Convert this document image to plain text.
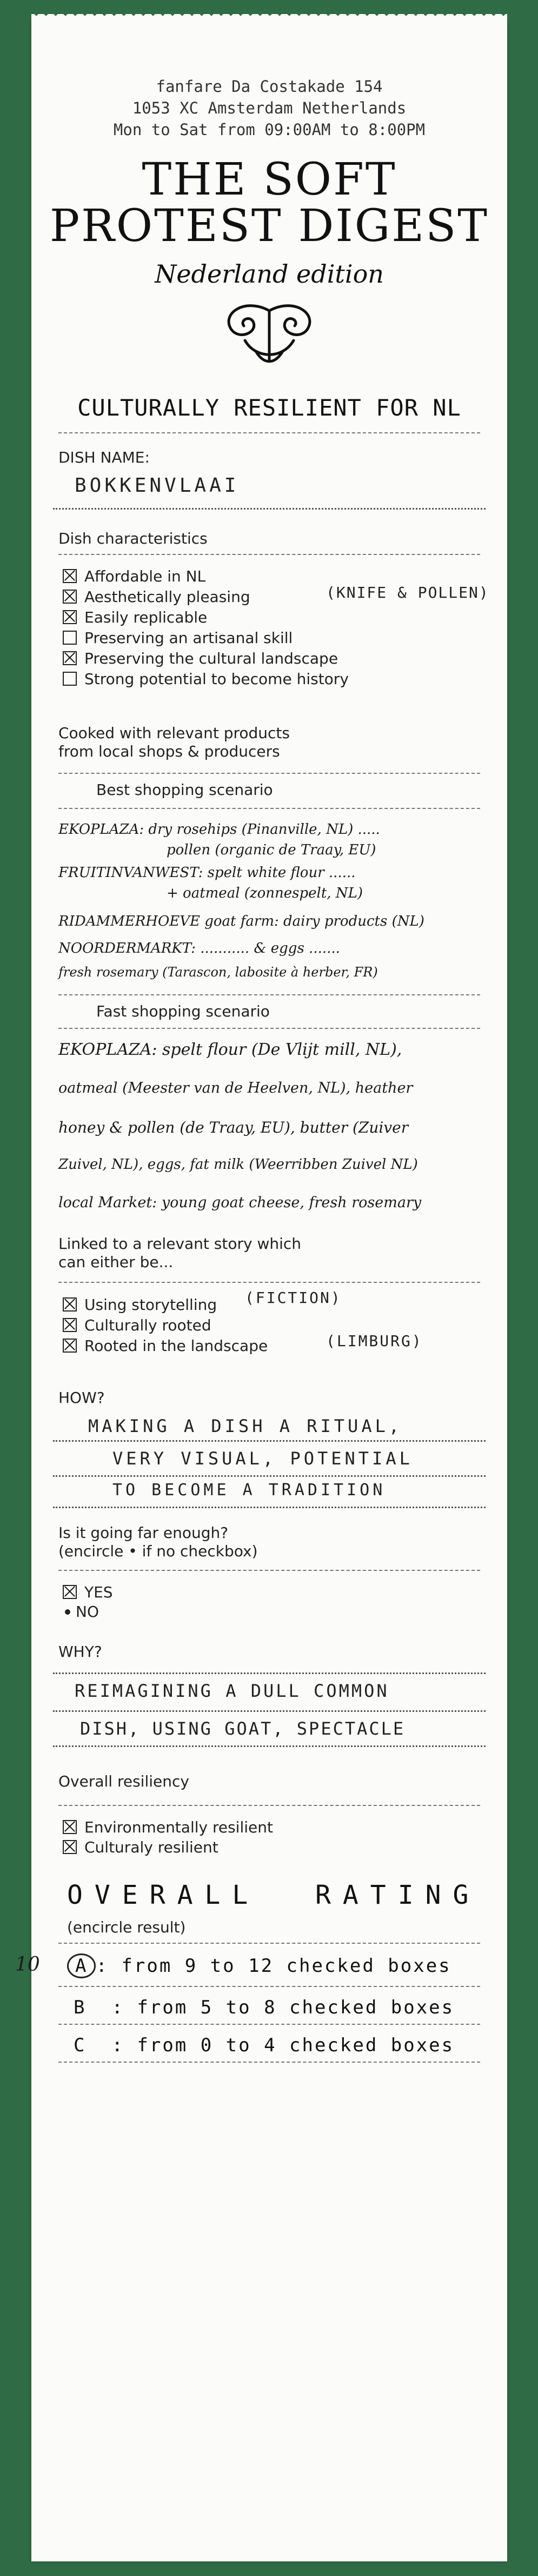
fanfare Da Costakade 154
1053 XC Amsterdam Netherlands
Mon to Sat from 09:00AM to 8:00PM
THE SOFT
PROTEST DIGEST
Nederland edition
CULTURALLY RESILIENT FOR NL
DISH NAME:
BOKKENVLAAI
Dish characteristics
Affordable in NL
Aesthetically pleasing	(KNIFE & POLLEN)
Easily replicable
Preserving an artisanal skill
Preserving the cultural landscape
Strong potential to become history
Cooked with relevant products
from local shops & producers
Best shopping scenario
EKOPLAZA: dry rosehips (Pinanville, NL) .....
pollen (organic de Traay, EU)
FRUITINVANWEST: spelt white flour ......
+ oatmeal (zonnespelt, NL)
RIDAMMERHOEVE goat farm: dairy products (NL)
NOORDERMARKT: ........... & eggs .......
fresh rosemary (Tarascon, labosite à herber, FR)
Fast shopping scenario
EKOPLAZA: spelt flour (De Vlijt mill, NL),
oatmeal (Meester van de Heelven, NL), heather
honey & pollen (de Traay, EU), butter (Zuiver
Zuivel, NL), eggs, fat milk (Weerribben Zuivel NL)
local Market: young goat cheese, fresh rosemary
Linked to a relevant story which
can either be...
Using storytelling (FICTION)
Culturally rooted
Rooted in the landscape	(LIMBURG)
HOW?
MAKING A DISH A RITUAL,
VERY VISUAL, POTENTIAL
TO BECOME A TRADITION
Is it going far enough?
(encircle • if no checkbox)
YES
NO
WHY?
REIMAGINING A DULL COMMON
DISH, USING GOAT, SPECTACLE
Overall resiliency
Environmentally resilient
Culturaly resilient
OVERALL RATING
(encircle result)
10	A : from 9 to 12 checked boxes
B : from 5 to 8 checked boxes
C : from 0 to 4 checked boxes
